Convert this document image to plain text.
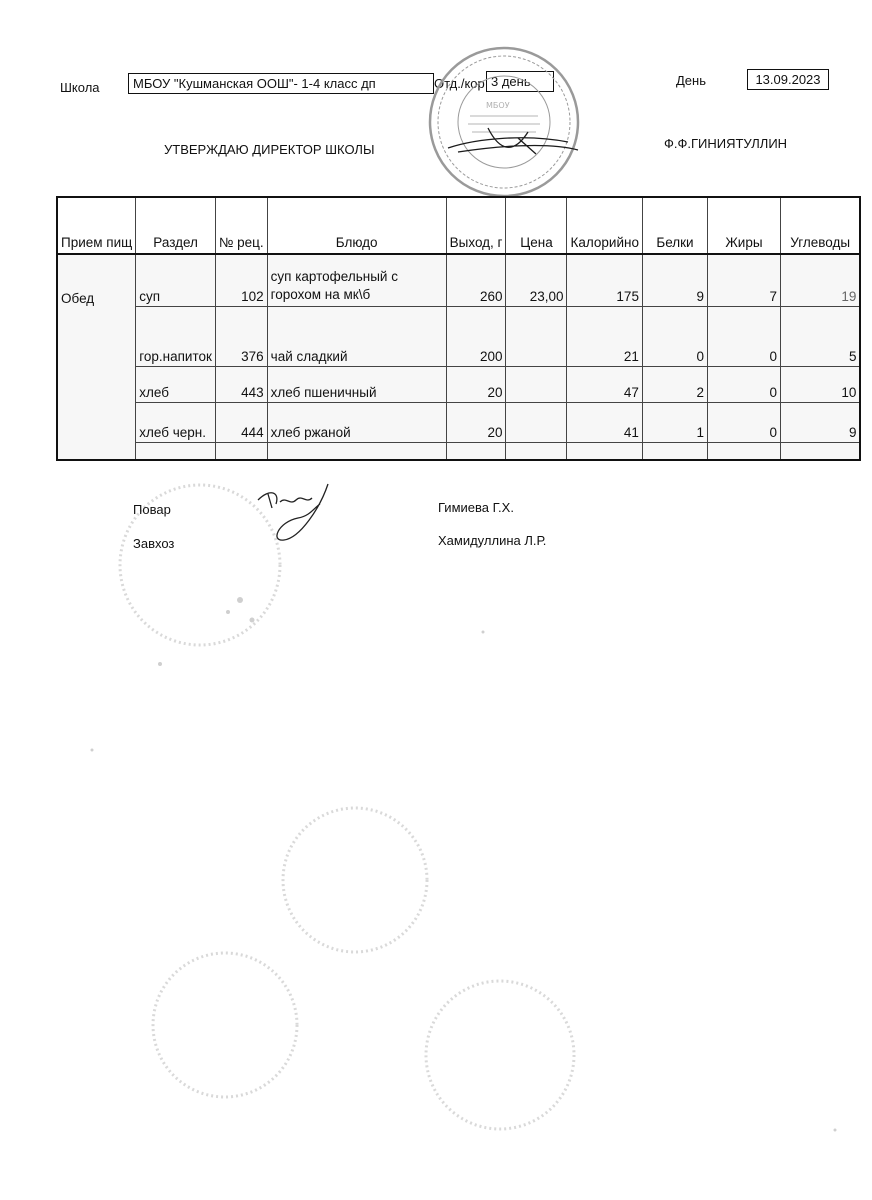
Школа	МБОУ "Кушманская ООШ"- 1-4 класс дп	Отд./кор 3 день	День	13.09.2023
УТВЕРЖДАЮ ДИРЕКТОР ШКОЛЫ	Ф.Ф.ГИНИЯТУЛЛИН
МБОУ
Прием пищ	Раздел	№ рец.	Блюдо	Выход, г	Цена	Калорийно	Белки	Жиры	Углеводы
Обед	суп	102	суп картофельный с горохом на мк\б	260	23,00	175	9	7	19
	гор.напиток	376	чай сладкий	200		21	0	0	5
	хлеб	443	хлеб пшеничный	20		47	2	0	10
	хлеб черн.	444	хлеб ржаной	20		41	1	0	9

Повар	Гимиева Г.Х.
Завхоз	Хамидуллина Л.Р.
